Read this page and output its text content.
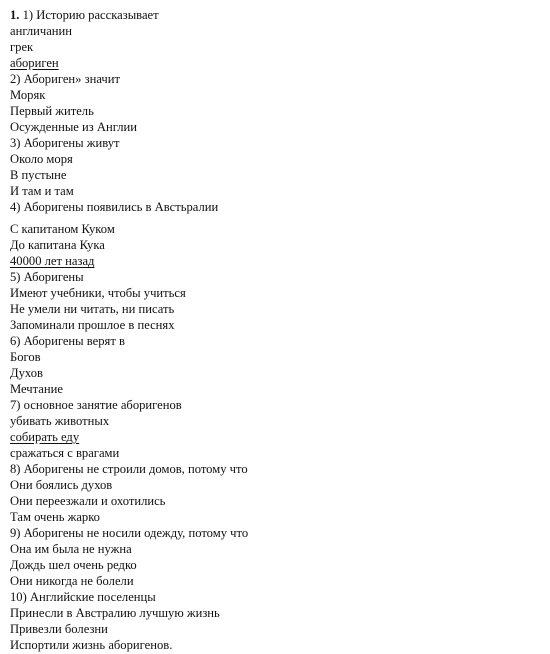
1. 1) Историю рассказывает
англичанин
грек
абориген
2) Абориген» значит
Моряк
Первый житель
Осужденные из Англии
3) Аборигены живут
Около моря
В пустыне
И там и там
4) Аборигены появились в Австьралии
С капитаном Куком
До капитана Кука
40000 лет назад
5) Аборигены
Имеют учебники, чтобы учиться
Не умели ни читать, ни писать
Запоминали прошлое в песнях
6) Аборигены верят в
Богов
Духов
Мечтание
7) основное занятие аборигенов
убивать животных
собирать еду
сражаться с врагами
8) Аборигены не строили домов, потому что
Они боялись духов
Они переезжали и охотились
Там очень жарко
9) Аборигены не носили одежду, потому что
Она им была не нужна
Дождь шел очень редко
Они никогда не болели
10) Английские поселенцы
Принесли в Австралию лучшую жизнь
Привезли болезни
Испортили жизнь аборигенов.
